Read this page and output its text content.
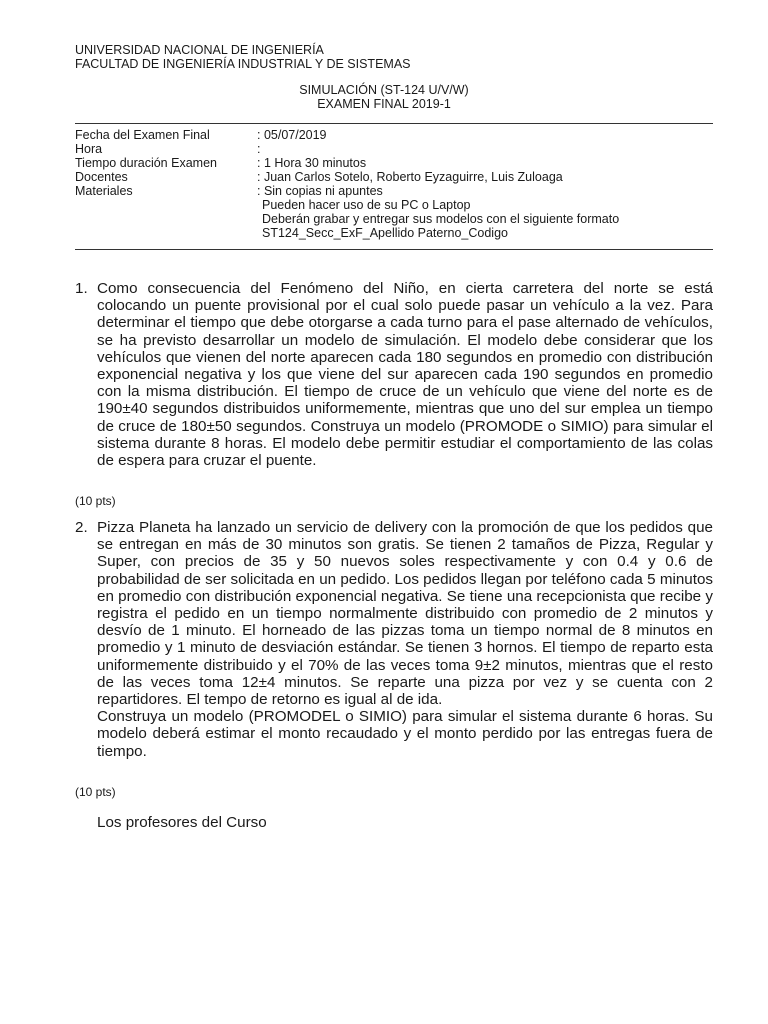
UNIVERSIDAD NACIONAL DE INGENIERÍA
FACULTAD DE INGENIERÍA INDUSTRIAL Y DE SISTEMAS
SIMULACIÓN (ST-124 U/V/W)
EXAMEN FINAL 2019-1
Fecha del Examen Final	: 05/07/2019
Hora	:
Tiempo duración Examen	: 1 Hora 30 minutos
Docentes	: Juan Carlos Sotelo, Roberto Eyzaguirre, Luis Zuloaga
Materiales	: Sin copias ni apuntes
Pueden hacer uso de su PC o Laptop
Deberán grabar y entregar sus modelos con el siguiente formato
ST124_Secc_ExF_Apellido Paterno_Codigo
1. Como consecuencia del Fenómeno del Niño, en cierta carretera del norte se está colocando un puente provisional por el cual solo puede pasar un vehículo a la vez. Para determinar el tiempo que debe otorgarse a cada turno para el pase alternado de vehículos, se ha previsto desarrollar un modelo de simulación. El modelo debe considerar que los vehículos que vienen del norte aparecen cada 180 segundos en promedio con distribución exponencial negativa y los que viene del sur aparecen cada 190 segundos en promedio con la misma distribución. El tiempo de cruce de un vehículo que viene del norte es de 190±40 segundos distribuidos uniformemente, mientras que uno del sur emplea un tiempo de cruce de 180±50 segundos. Construya un modelo (PROMODE o SIMIO) para simular el sistema durante 8 horas. El modelo debe permitir estudiar el comportamiento de las colas de espera para cruzar el puente.

(10 pts)
2. Pizza Planeta ha lanzado un servicio de delivery con la promoción de que los pedidos que se entregan en más de 30 minutos son gratis. Se tienen 2 tamaños de Pizza, Regular y Super, con precios de 35 y 50 nuevos soles respectivamente y con 0.4 y 0.6 de probabilidad de ser solicitada en un pedido. Los pedidos llegan por teléfono cada 5 minutos en promedio con distribución exponencial negativa. Se tiene una recepcionista que recibe y registra el pedido en un tiempo normalmente distribuido con promedio de 2 minutos y desvío de 1 minuto. El horneado de las pizzas toma un tiempo normal de 8 minutos en promedio y 1 minuto de desviación estándar. Se tienen 3 hornos. El tiempo de reparto esta uniformemente distribuido y el 70% de las veces toma 9±2 minutos, mientras que el resto de las veces toma 12±4 minutos. Se reparte una pizza por vez y se cuenta con 2 repartidores. El tempo de retorno es igual al de ida.

Construya un modelo (PROMODEL o SIMIO) para simular el sistema durante 6 horas. Su modelo deberá estimar el monto recaudado y el monto perdido por las entregas fuera de tiempo.

(10 pts)
Los profesores del Curso
